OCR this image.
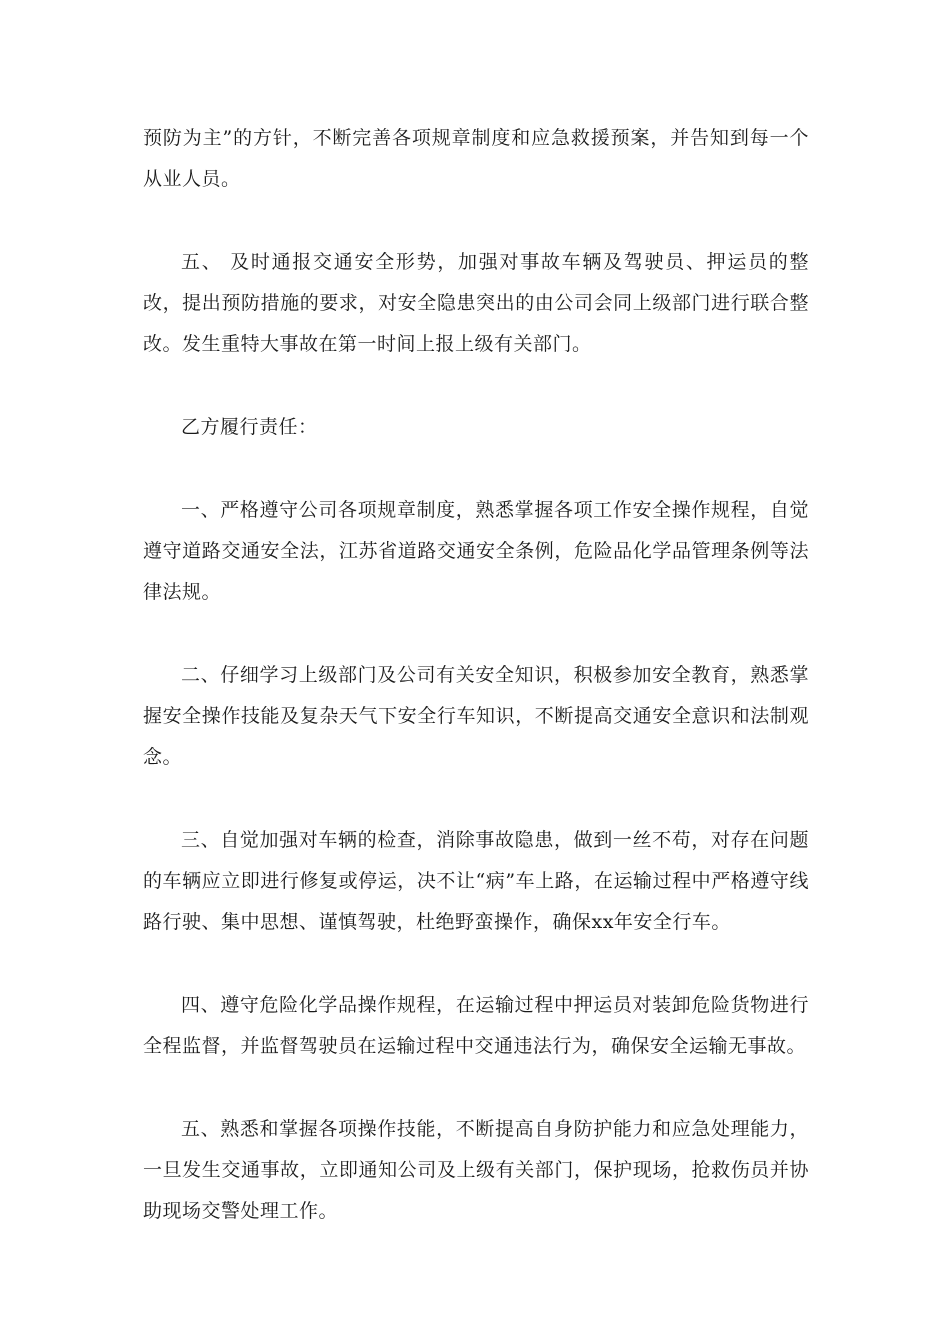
预防为主”的方针，不断完善各项规章制度和应急救援预案，并告知到每一个从业人员。

五、 及时通报交通安全形势，加强对事故车辆及驾驶员、押运员的整改，提出预防措施的要求，对安全隐患突出的由公司会同上级部门进行联合整改。发生重特大事故在第一时间上报上级有关部门。

乙方履行责任：

一、严格遵守公司各项规章制度，熟悉掌握各项工作安全操作规程，自觉遵守道路交通安全法，江苏省道路交通安全条例，危险品化学品管理条例等法律法规。

二、仔细学习上级部门及公司有关安全知识，积极参加安全教育，熟悉掌握安全操作技能及复杂天气下安全行车知识，不断提高交通安全意识和法制观念。

三、自觉加强对车辆的检查，消除事故隐患，做到一丝不苟，对存在问题的车辆应立即进行修复或停运，决不让“病”车上路，在运输过程中严格遵守线路行驶、集中思想、谨慎驾驶，杜绝野蛮操作，确保xx年安全行车。

四、遵守危险化学品操作规程，在运输过程中押运员对装卸危险货物进行全程监督，并监督驾驶员在运输过程中交通违法行为，确保安全运输无事故。

五、熟悉和掌握各项操作技能，不断提高自身防护能力和应急处理能力，一旦发生交通事故，立即通知公司及上级有关部门，保护现场，抢救伤员并协助现场交警处理工作。
